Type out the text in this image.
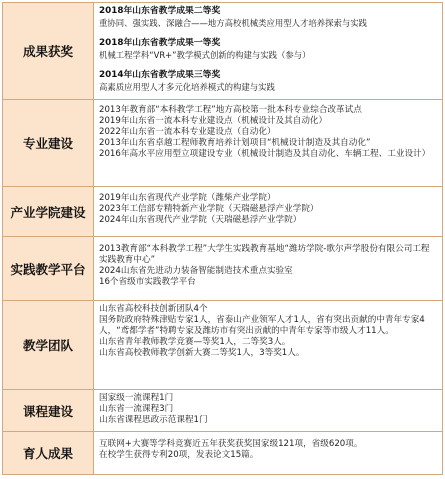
成果获奖
2018年山东省教学成果二等奖
重协同、强实践、深融合——地方高校机械类应用型人才培养探索与实践
2018年山东省教学成果一等奖
机械工程学科“VR+”教学模式创新的构建与实践（参与）
2014年山东省教学成果三等奖
高素质应用型人才多元化培养模式的构建与实践
专业建设
2013年教育部“本科教学工程”地方高校第一批本科专业综合改革试点
2019年山东省一流本科专业建设点（机械设计及其自动化）
2022年山东省一流本科专业建设点（自动化）
2013年山东省卓越工程师教育培养计划项目“机械设计制造及其自动化”
2016年高水平应用型立项建设专业（机械设计制造及其自动化、车辆工程、工业设计）
产业学院建设
2019年山东省现代产业学院（潍柴产业学院）
2023年工信部专精特新产业学院（天瑞磁悬浮产业学院）
2024年山东省现代产业学院（天瑞磁悬浮产业学院）
实践教学平台
2013教育部“本科教学工程”大学生实践教育基地“潍坊学院-歌尔声学股份有限公司工程实践教育中心”
2024山东省先进动力装备智能制造技术重点实验室
16个省级市实践教学平台
教学团队
山东省高校科技创新团队4个
国务院政府特殊津贴专家1人，省泰山产业领军人才1人，省有突出贡献的中青年专家4人，“鸢都学者”特聘专家及潍坊市有突出贡献的中青年专家等市级人才11人。
山东省青年教师教学竞赛—等奖1人，二等奖3人。
山东省高校教师教学创新大赛二等奖1人，3等奖1人。
课程建设
国家级一流课程1门
山东省一流课程3门
山东省课程思政示范课程1门
育人成果
互联网+大赛等学科竞赛近五年获奖获奖国家级121项，省级620项。
在校学生获得专利20项，发表论文15篇。
